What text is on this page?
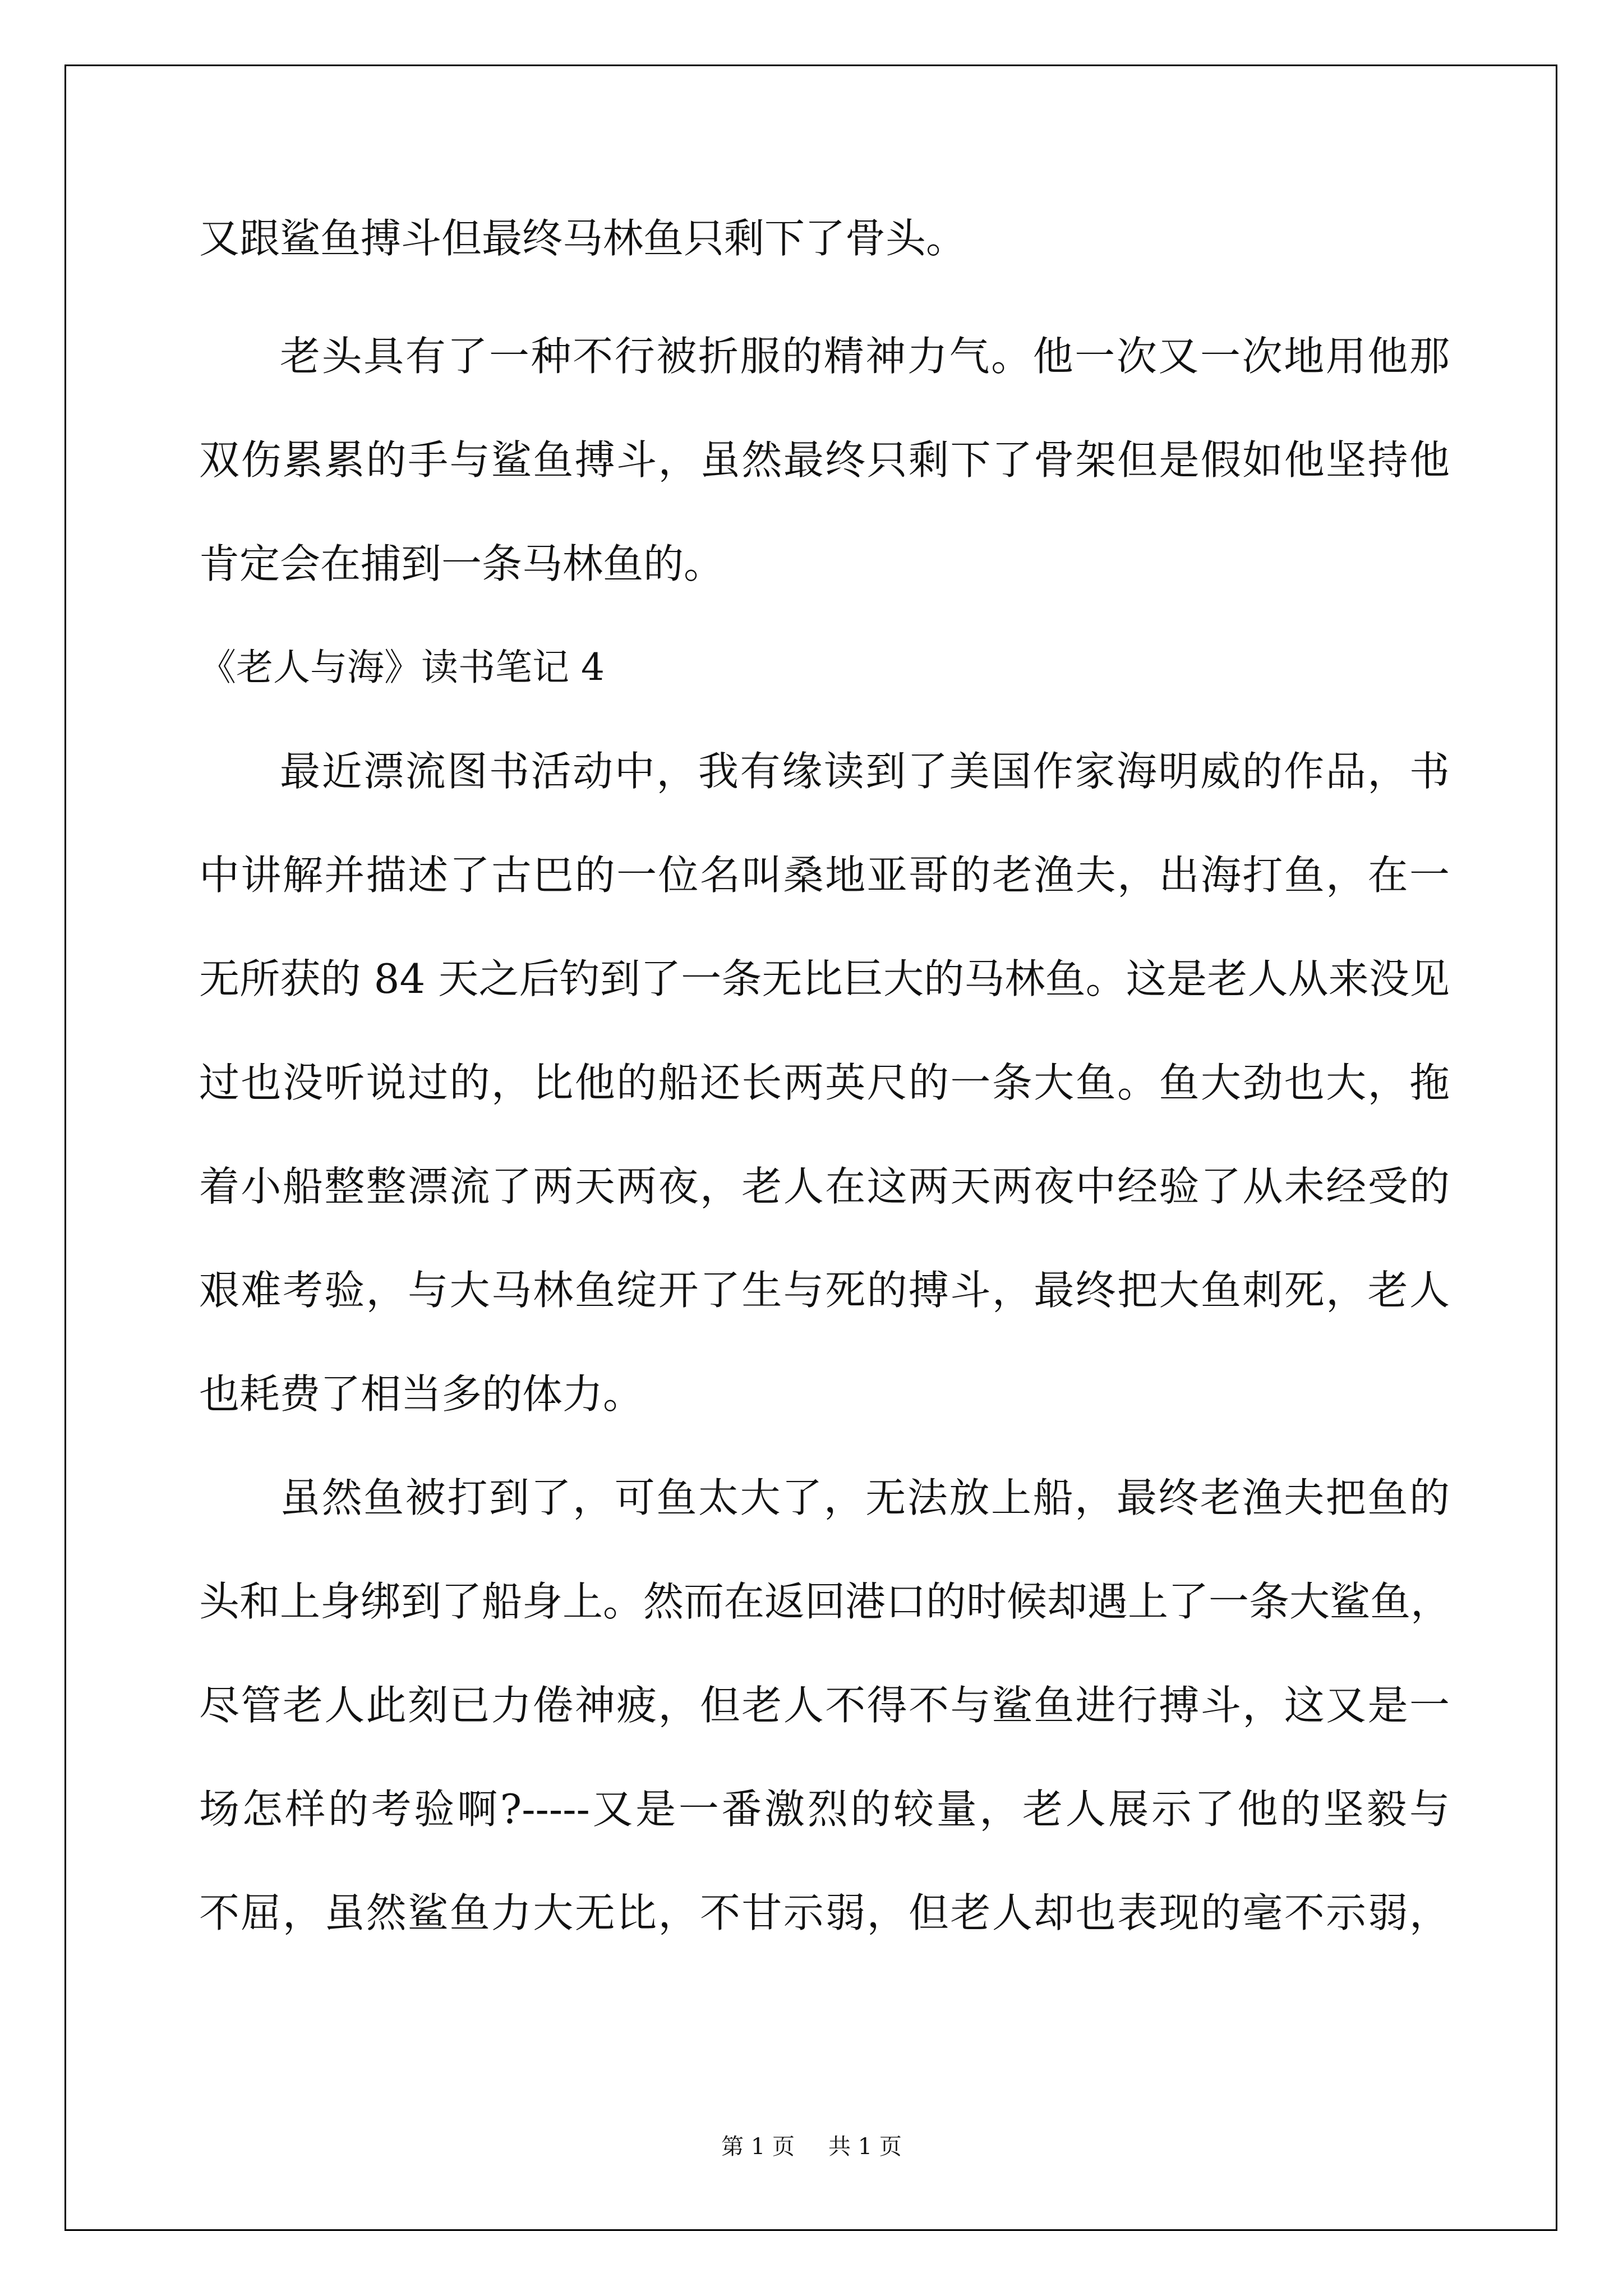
又跟鲨鱼搏斗但最终马林鱼只剩下了骨头。
老头具有了一种不行被折服的精神力气。他一次又一次地用他那
双伤累累的手与鲨鱼搏斗，虽然最终只剩下了骨架但是假如他坚持他
肯定会在捕到一条马林鱼的。
《老人与海》读书笔记 4
最近漂流图书活动中，我有缘读到了美国作家海明威的作品，书
中讲解并描述了古巴的一位名叫桑地亚哥的老渔夫，出海打鱼，在一
无所获的 84 天之后钓到了一条无比巨大的马林鱼。这是老人从来没见
过也没听说过的，比他的船还长两英尺的一条大鱼。鱼大劲也大，拖
着小船整整漂流了两天两夜，老人在这两天两夜中经验了从未经受的
艰难考验，与大马林鱼绽开了生与死的搏斗，最终把大鱼刺死，老人
也耗费了相当多的体力。
虽然鱼被打到了，可鱼太大了，无法放上船，最终老渔夫把鱼的
头和上身绑到了船身上。然而在返回港口的时候却遇上了一条大鲨鱼，
尽管老人此刻已力倦神疲，但老人不得不与鲨鱼进行搏斗，这又是一
场怎样的考验啊?-----又是一番激烈的较量，老人展示了他的坚毅与
不屈，虽然鲨鱼力大无比，不甘示弱，但老人却也表现的毫不示弱，
第 1 页 共 1 页
